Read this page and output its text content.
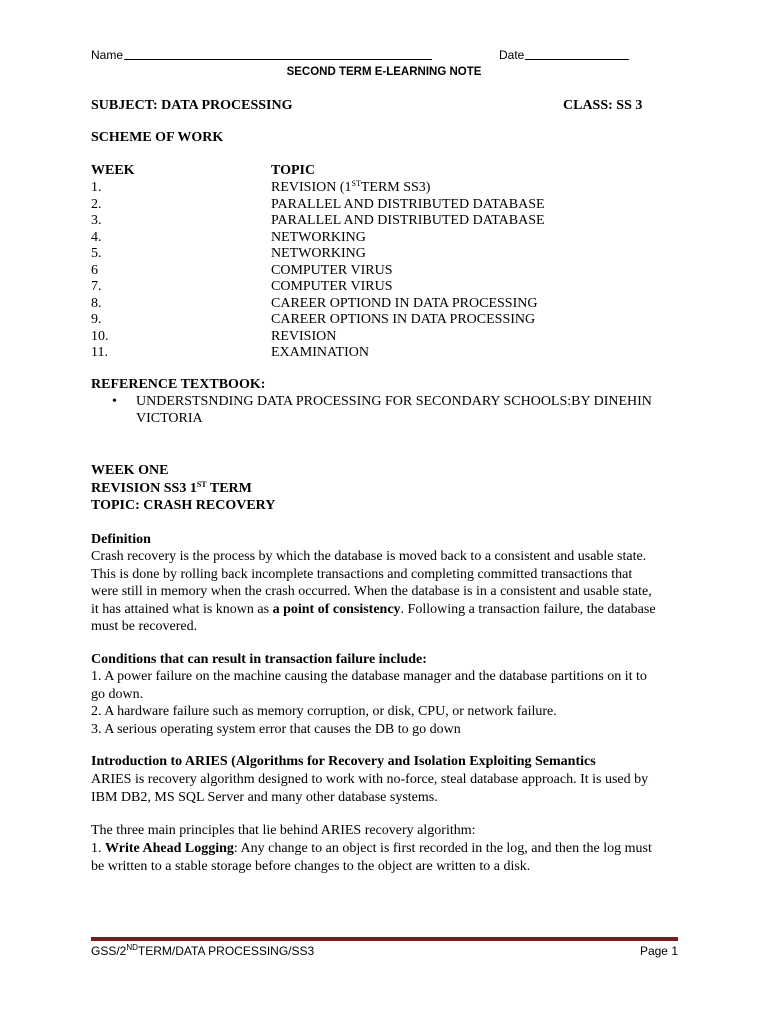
Name	Date
SECOND TERM E-LEARNING NOTE
SUBJECT: DATA PROCESSING	CLASS: SS 3
SCHEME OF WORK
WEEK	TOPIC
1.	REVISION (1STTERM SS3)
2.	PARALLEL AND DISTRIBUTED DATABASE
3.	PARALLEL AND DISTRIBUTED DATABASE
4.	NETWORKING
5.	NETWORKING
6	COMPUTER VIRUS
7.	COMPUTER VIRUS
8.	CAREER OPTIOND IN DATA PROCESSING
9.	CAREER OPTIONS IN DATA PROCESSING
10.	REVISION
11.	EXAMINATION
REFERENCE TEXTBOOK:
• UNDERSTSNDING DATA PROCESSING FOR SECONDARY SCHOOLS:BY DINEHIN
VICTORIA
WEEK ONE
REVISION SS3 1ST TERM
TOPIC: CRASH RECOVERY
Definition
Crash recovery is the process by which the database is moved back to a consistent and usable state.
This is done by rolling back incomplete transactions and completing committed transactions that
were still in memory when the crash occurred. When the database is in a consistent and usable state,
it has attained what is known as a point of consistency. Following a transaction failure, the database
must be recovered.
Conditions that can result in transaction failure include:
1. A power failure on the machine causing the database manager and the database partitions on it to
go down.
2. A hardware failure such as memory corruption, or disk, CPU, or network failure.
3. A serious operating system error that causes the DB to go down
Introduction to ARIES (Algorithms for Recovery and Isolation Exploiting Semantics
ARIES is recovery algorithm designed to work with no-force, steal database approach. It is used by
IBM DB2, MS SQL Server and many other database systems.
The three main principles that lie behind ARIES recovery algorithm:
1. Write Ahead Logging: Any change to an object is first recorded in the log, and then the log must
be written to a stable storage before changes to the object are written to a disk.
GSS/2NDTERM/DATA PROCESSING/SS3	Page 1
